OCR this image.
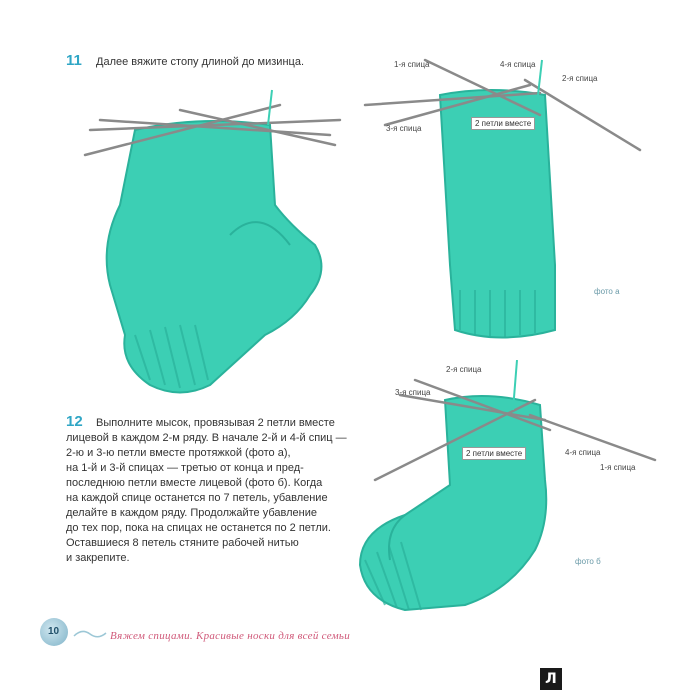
11 Далее вяжите стопу длиной до мизинца.	1-я спица	4-я спица
2-я спица
3-я спица
2 петли вместе
фото а
12	Выполните мысок, провязывая 2 петли вместе

лицевой в каждом 2-м ряду. В начале 2-й и 4-й спиц —

2-ю и 3-ю петли вместе протяжкой (фото а),

на 1-й и 3-й спицах — третью от конца и пред-

последнюю петли вместе лицевой (фото б). Когда

на каждой спице останется по 7 петель, убавление

делайте в каждом ряду. Продолжайте убавление

до тех пор, пока на спицах не останется по 2 петли.

Оставшиеся 8 петель стяните рабочей нитью

и закрепите.

2-я спица
3-я спица
2 петли вместе	4-я спица
1-я спица
фото б
10	Вяжем спицами. Красивые носки для всей семьи
Л
